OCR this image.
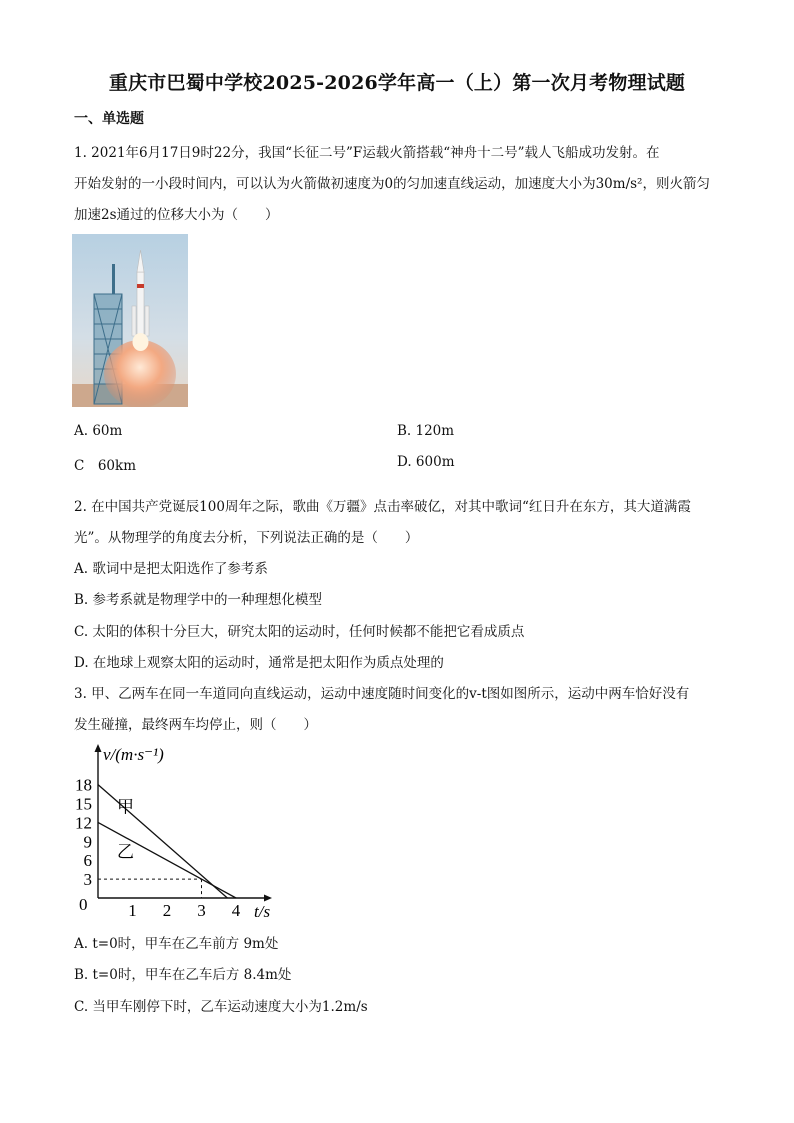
重庆市巴蜀中学校2025-2026学年高一（上）第一次月考物理试题
一、单选题
1. 2021年6月17日9时22分，我国“长征二号”F运载火箭搭载“神舟十二号”载人飞船成功发射。在
开始发射的一小段时间内，可以认为火箭做初速度为0的匀加速直线运动，加速度大小为30m/s²，则火箭匀
加速2s通过的位移大小为（　　）
A. 60m	B. 120m
C　60km	D. 600m
2. 在中国共产党诞辰100周年之际，歌曲《万疆》点击率破亿，对其中歌词“红日升在东方，其大道满霞
光”。从物理学的角度去分析，下列说法正确的是（　　）
A. 歌词中是把太阳选作了参考系
B. 参考系就是物理学中的一种理想化模型
C. 太阳的体积十分巨大，研究太阳的运动时，任何时候都不能把它看成质点
D. 在地球上观察太阳的运动时，通常是把太阳作为质点处理的
3. 甲、乙两车在同一车道同向直线运动，运动中速度随时间变化的v-t图如图所示，运动中两车恰好没有
发生碰撞，最终两车均停止，则（　　）
v/(m·s⁻¹)
t/s
0 1 2 3 4
3
6
9
12
15
18
甲
乙
A. t=0时，甲车在乙车前方 9m处
B. t=0时，甲车在乙车后方 8.4m处
C. 当甲车刚停下时，乙车运动速度大小为1.2m/s
